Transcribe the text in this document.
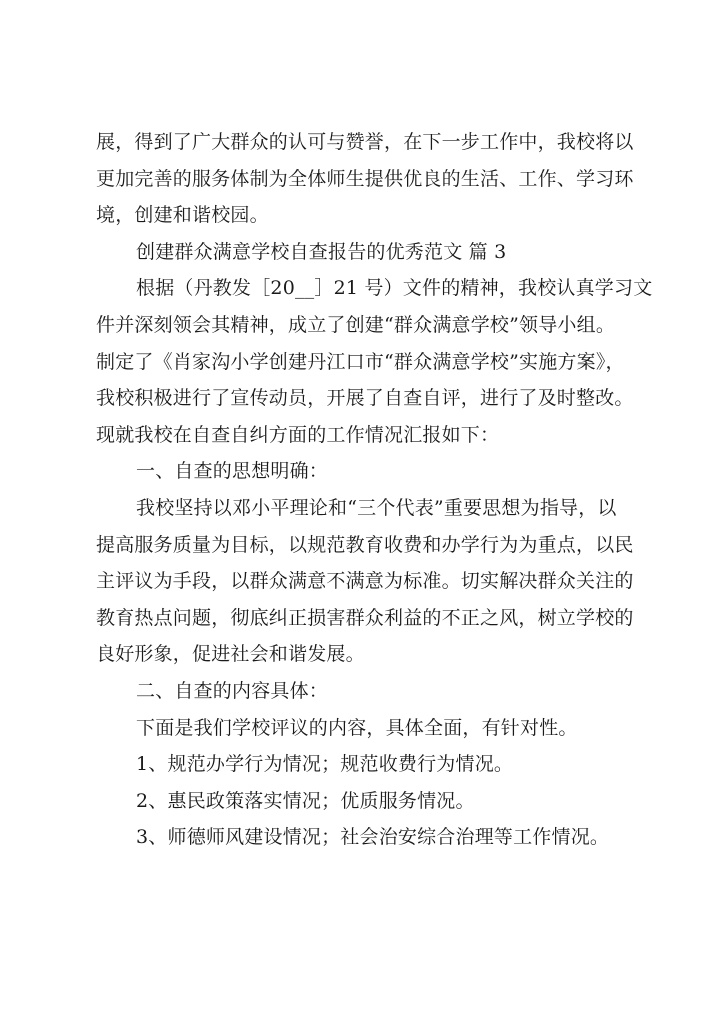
展，得到了广大群众的认可与赞誉，在下一步工作中，我校将以

更加完善的服务体制为全体师生提供优良的生活、工作、学习环

境，创建和谐校园。

创建群众满意学校自查报告的优秀范文 篇 3

根据（丹教发［20__］21 号）文件的精神，我校认真学习文

件并深刻领会其精神，成立了创建“群众满意学校”领导小组。

制定了《肖家沟小学创建丹江口市“群众满意学校”实施方案》，

我校积极进行了宣传动员，开展了自查自评，进行了及时整改。

现就我校在自查自纠方面的工作情况汇报如下：

一、自查的思想明确：

我校坚持以邓小平理论和“三个代表”重要思想为指导，以

提高服务质量为目标，以规范教育收费和办学行为为重点，以民

主评议为手段，以群众满意不满意为标准。切实解决群众关注的

教育热点问题，彻底纠正损害群众利益的不正之风，树立学校的

良好形象，促进社会和谐发展。

二、自查的内容具体：

下面是我们学校评议的内容，具体全面，有针对性。

1、规范办学行为情况；规范收费行为情况。

2、惠民政策落实情况；优质服务情况。

3、师德师风建设情况；社会治安综合治理等工作情况。
